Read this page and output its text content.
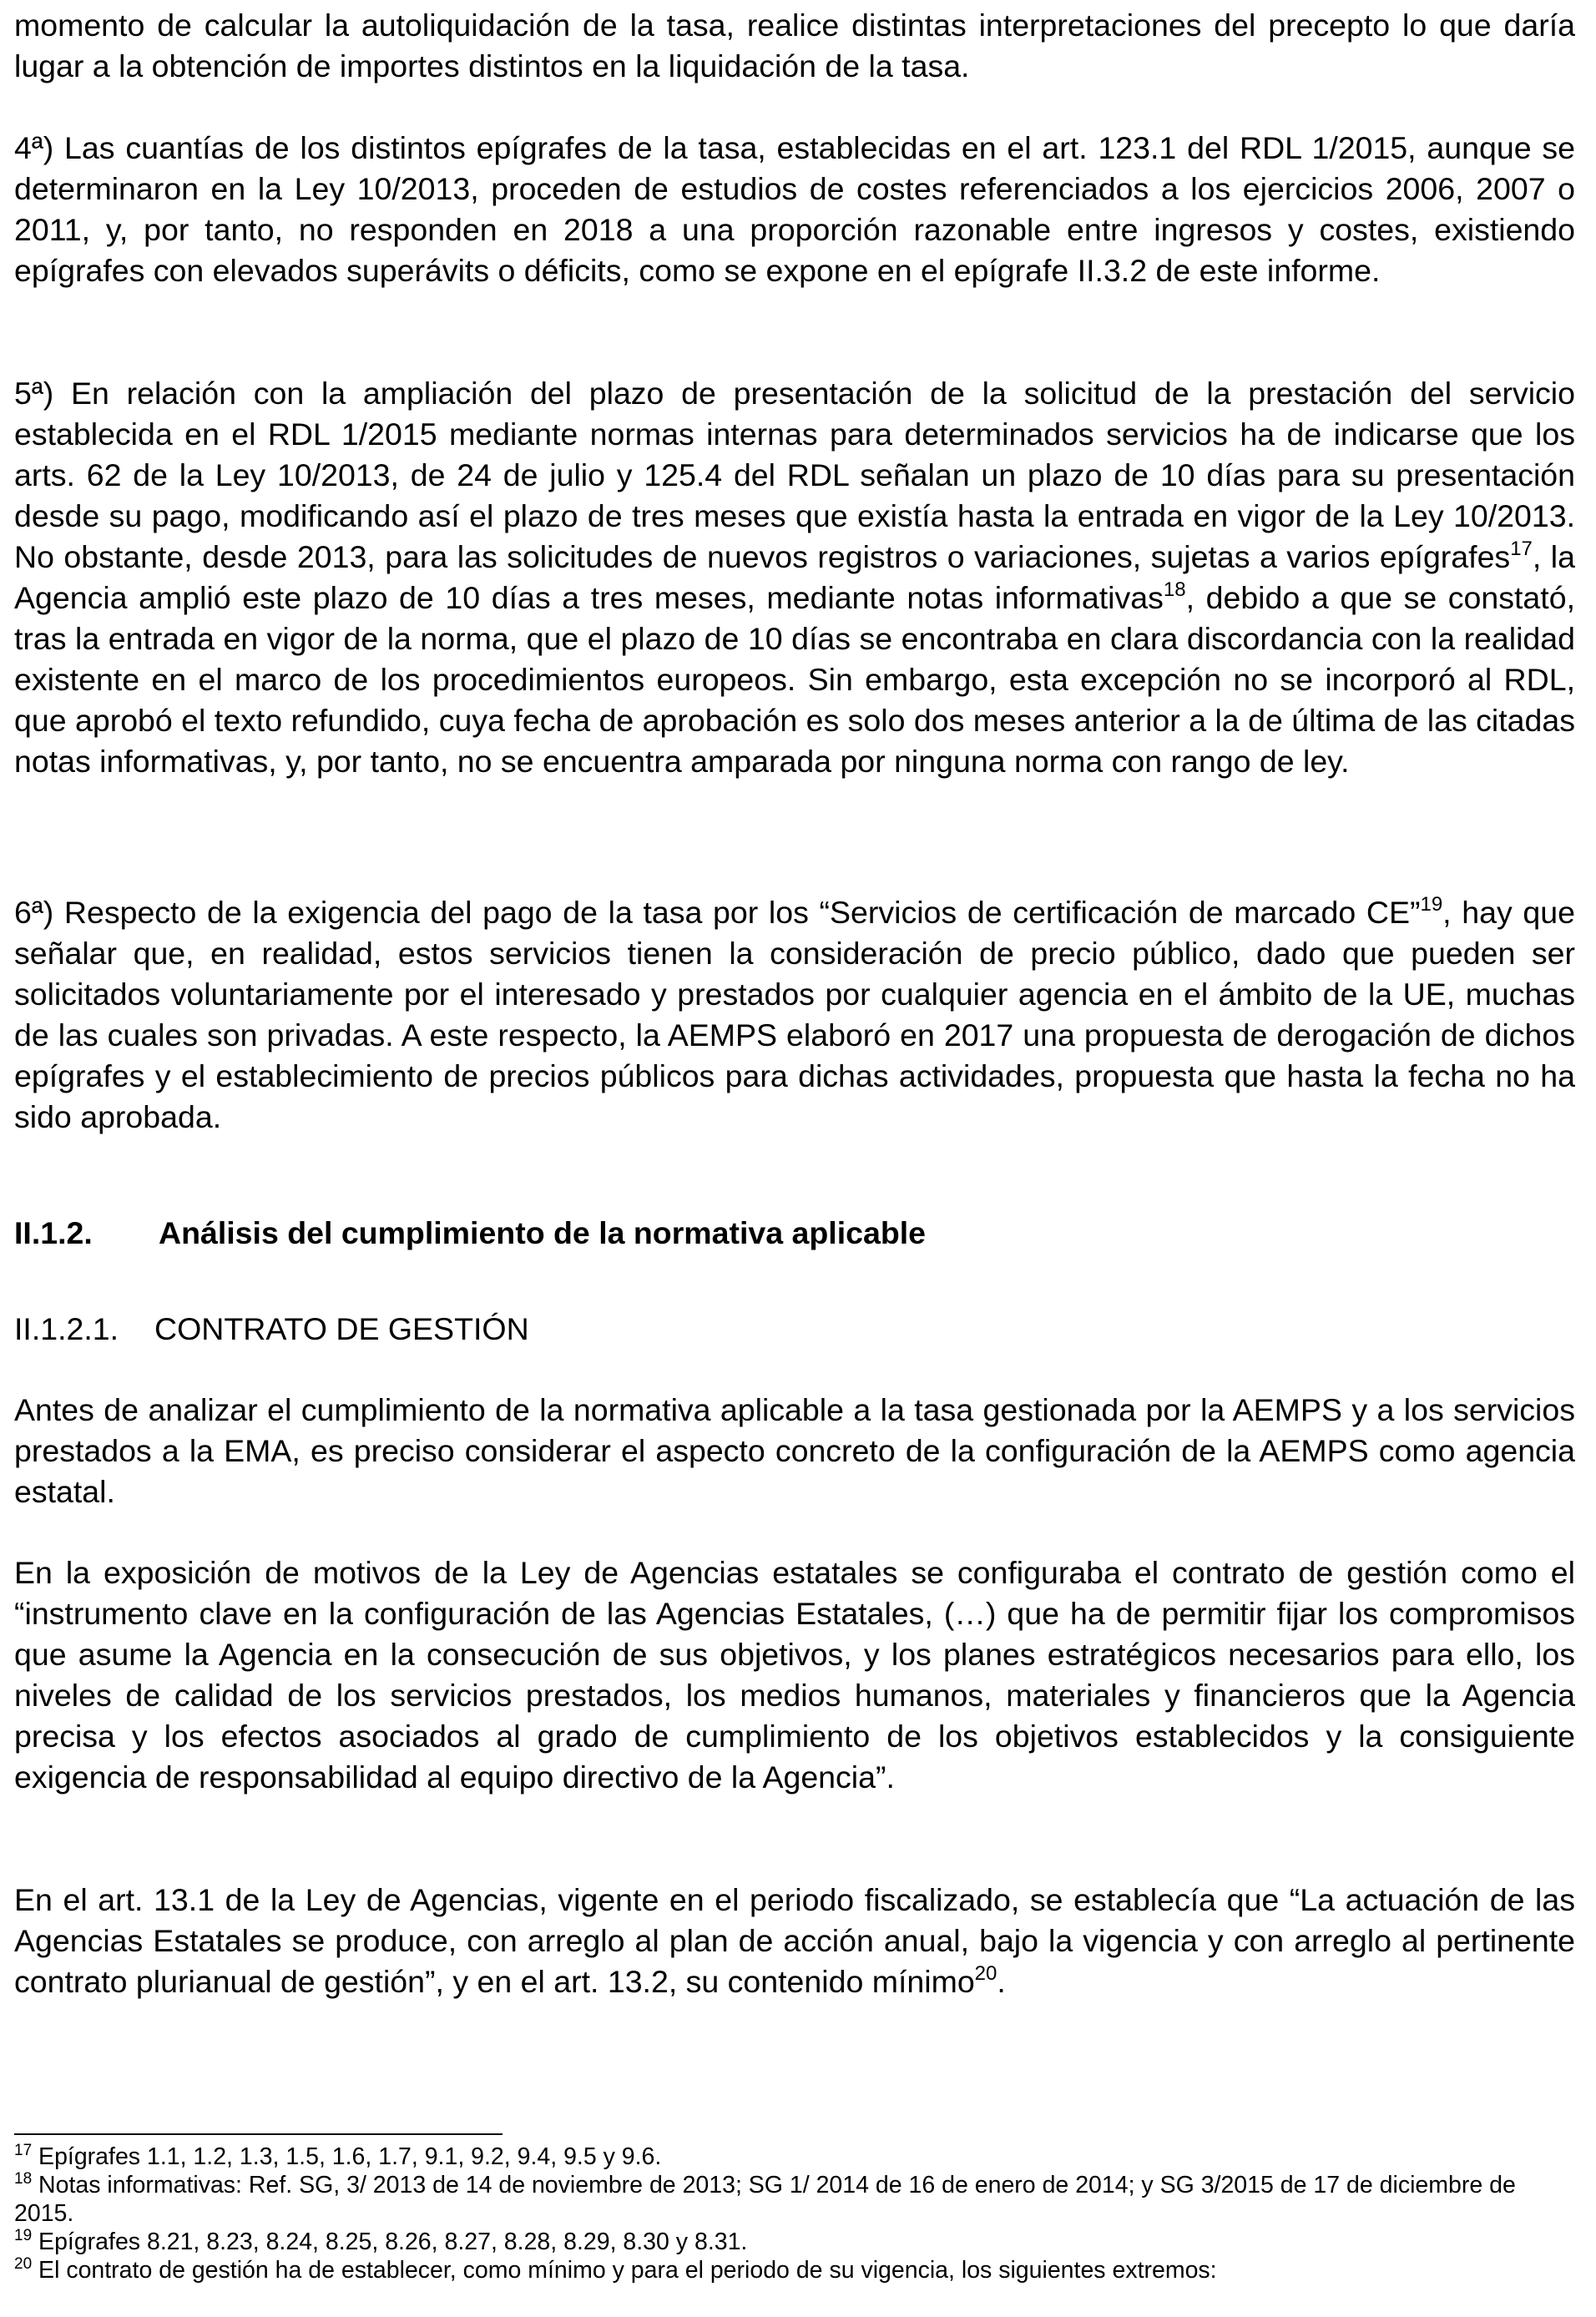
momento de calcular la autoliquidación de la tasa, realice distintas interpretaciones del precepto lo que daría lugar a la obtención de importes distintos en la liquidación de la tasa.

4ª) Las cuantías de los distintos epígrafes de la tasa, establecidas en el art. 123.1 del RDL 1/2015, aunque se determinaron en la Ley 10/2013, proceden de estudios de costes referenciados a los ejercicios 2006, 2007 o 2011, y, por tanto, no responden en 2018 a una proporción razonable entre ingresos y costes, existiendo epígrafes con elevados superávits o déficits, como se expone en el epígrafe II.3.2 de este informe.

5ª) En relación con la ampliación del plazo de presentación de la solicitud de la prestación del servicio establecida en el RDL 1/2015 mediante normas internas para determinados servicios ha de indicarse que los arts. 62 de la Ley 10/2013, de 24 de julio y 125.4 del RDL señalan un plazo de 10 días para su presentación desde su pago, modificando así el plazo de tres meses que existía hasta la entrada en vigor de la Ley 10/2013. No obstante, desde 2013, para las solicitudes de nuevos registros o variaciones, sujetas a varios epígrafes$^{17}$, la Agencia amplió este plazo de 10 días a tres meses, mediante notas informativas$^{18}$, debido a que se constató, tras la entrada en vigor de la norma, que el plazo de 10 días se encontraba en clara discordancia con la realidad existente en el marco de los procedimientos europeos. Sin embargo, esta excepción no se incorporó al RDL, que aprobó el texto refundido, cuya fecha de aprobación es solo dos meses anterior a la de última de las citadas notas informativas, y, por tanto, no se encuentra amparada por ninguna norma con rango de ley.

6ª) Respecto de la exigencia del pago de la tasa por los “Servicios de certificación de marcado CE”$^{19}$, hay que señalar que, en realidad, estos servicios tienen la consideración de precio público, dado que pueden ser solicitados voluntariamente por el interesado y prestados por cualquier agencia en el ámbito de la UE, muchas de las cuales son privadas. A este respecto, la AEMPS elaboró en 2017 una propuesta de derogación de dichos epígrafes y el establecimiento de precios públicos para dichas actividades, propuesta que hasta la fecha no ha sido aprobada.

II.1.2.	Análisis del cumplimiento de la normativa aplicable
II.1.2.1.	CONTRATO DE GESTIÓN

Antes de analizar el cumplimiento de la normativa aplicable a la tasa gestionada por la AEMPS y a los servicios prestados a la EMA, es preciso considerar el aspecto concreto de la configuración de la AEMPS como agencia estatal.

En la exposición de motivos de la Ley de Agencias estatales se configuraba el contrato de gestión como el “instrumento clave en la configuración de las Agencias Estatales, (…) que ha de permitir fijar los compromisos que asume la Agencia en la consecución de sus objetivos, y los planes estratégicos necesarios para ello, los niveles de calidad de los servicios prestados, los medios humanos, materiales y financieros que la Agencia precisa y los efectos asociados al grado de cumplimiento de los objetivos establecidos y la consiguiente exigencia de responsabilidad al equipo directivo de la Agencia”.

En el art. 13.1 de la Ley de Agencias, vigente en el periodo fiscalizado, se establecía que “La actuación de las Agencias Estatales se produce, con arreglo al plan de acción anual, bajo la vigencia y con arreglo al pertinente contrato plurianual de gestión”, y en el art. 13.2, su contenido mínimo$^{20}$.

$^{17}$ Epígrafes 1.1, 1.2, 1.3, 1.5, 1.6, 1.7, 9.1, 9.2, 9.4, 9.5 y 9.6.

$^{18}$ Notas informativas: Ref. SG, 3/ 2013 de 14 de noviembre de 2013; SG 1/ 2014 de 16 de enero de 2014; y SG 3/2015 de 17 de diciembre de 2015.

$^{19}$ Epígrafes 8.21, 8.23, 8.24, 8.25, 8.26, 8.27, 8.28, 8.29, 8.30 y 8.31.

$^{20}$ El contrato de gestión ha de establecer, como mínimo y para el periodo de su vigencia, los siguientes extremos:
